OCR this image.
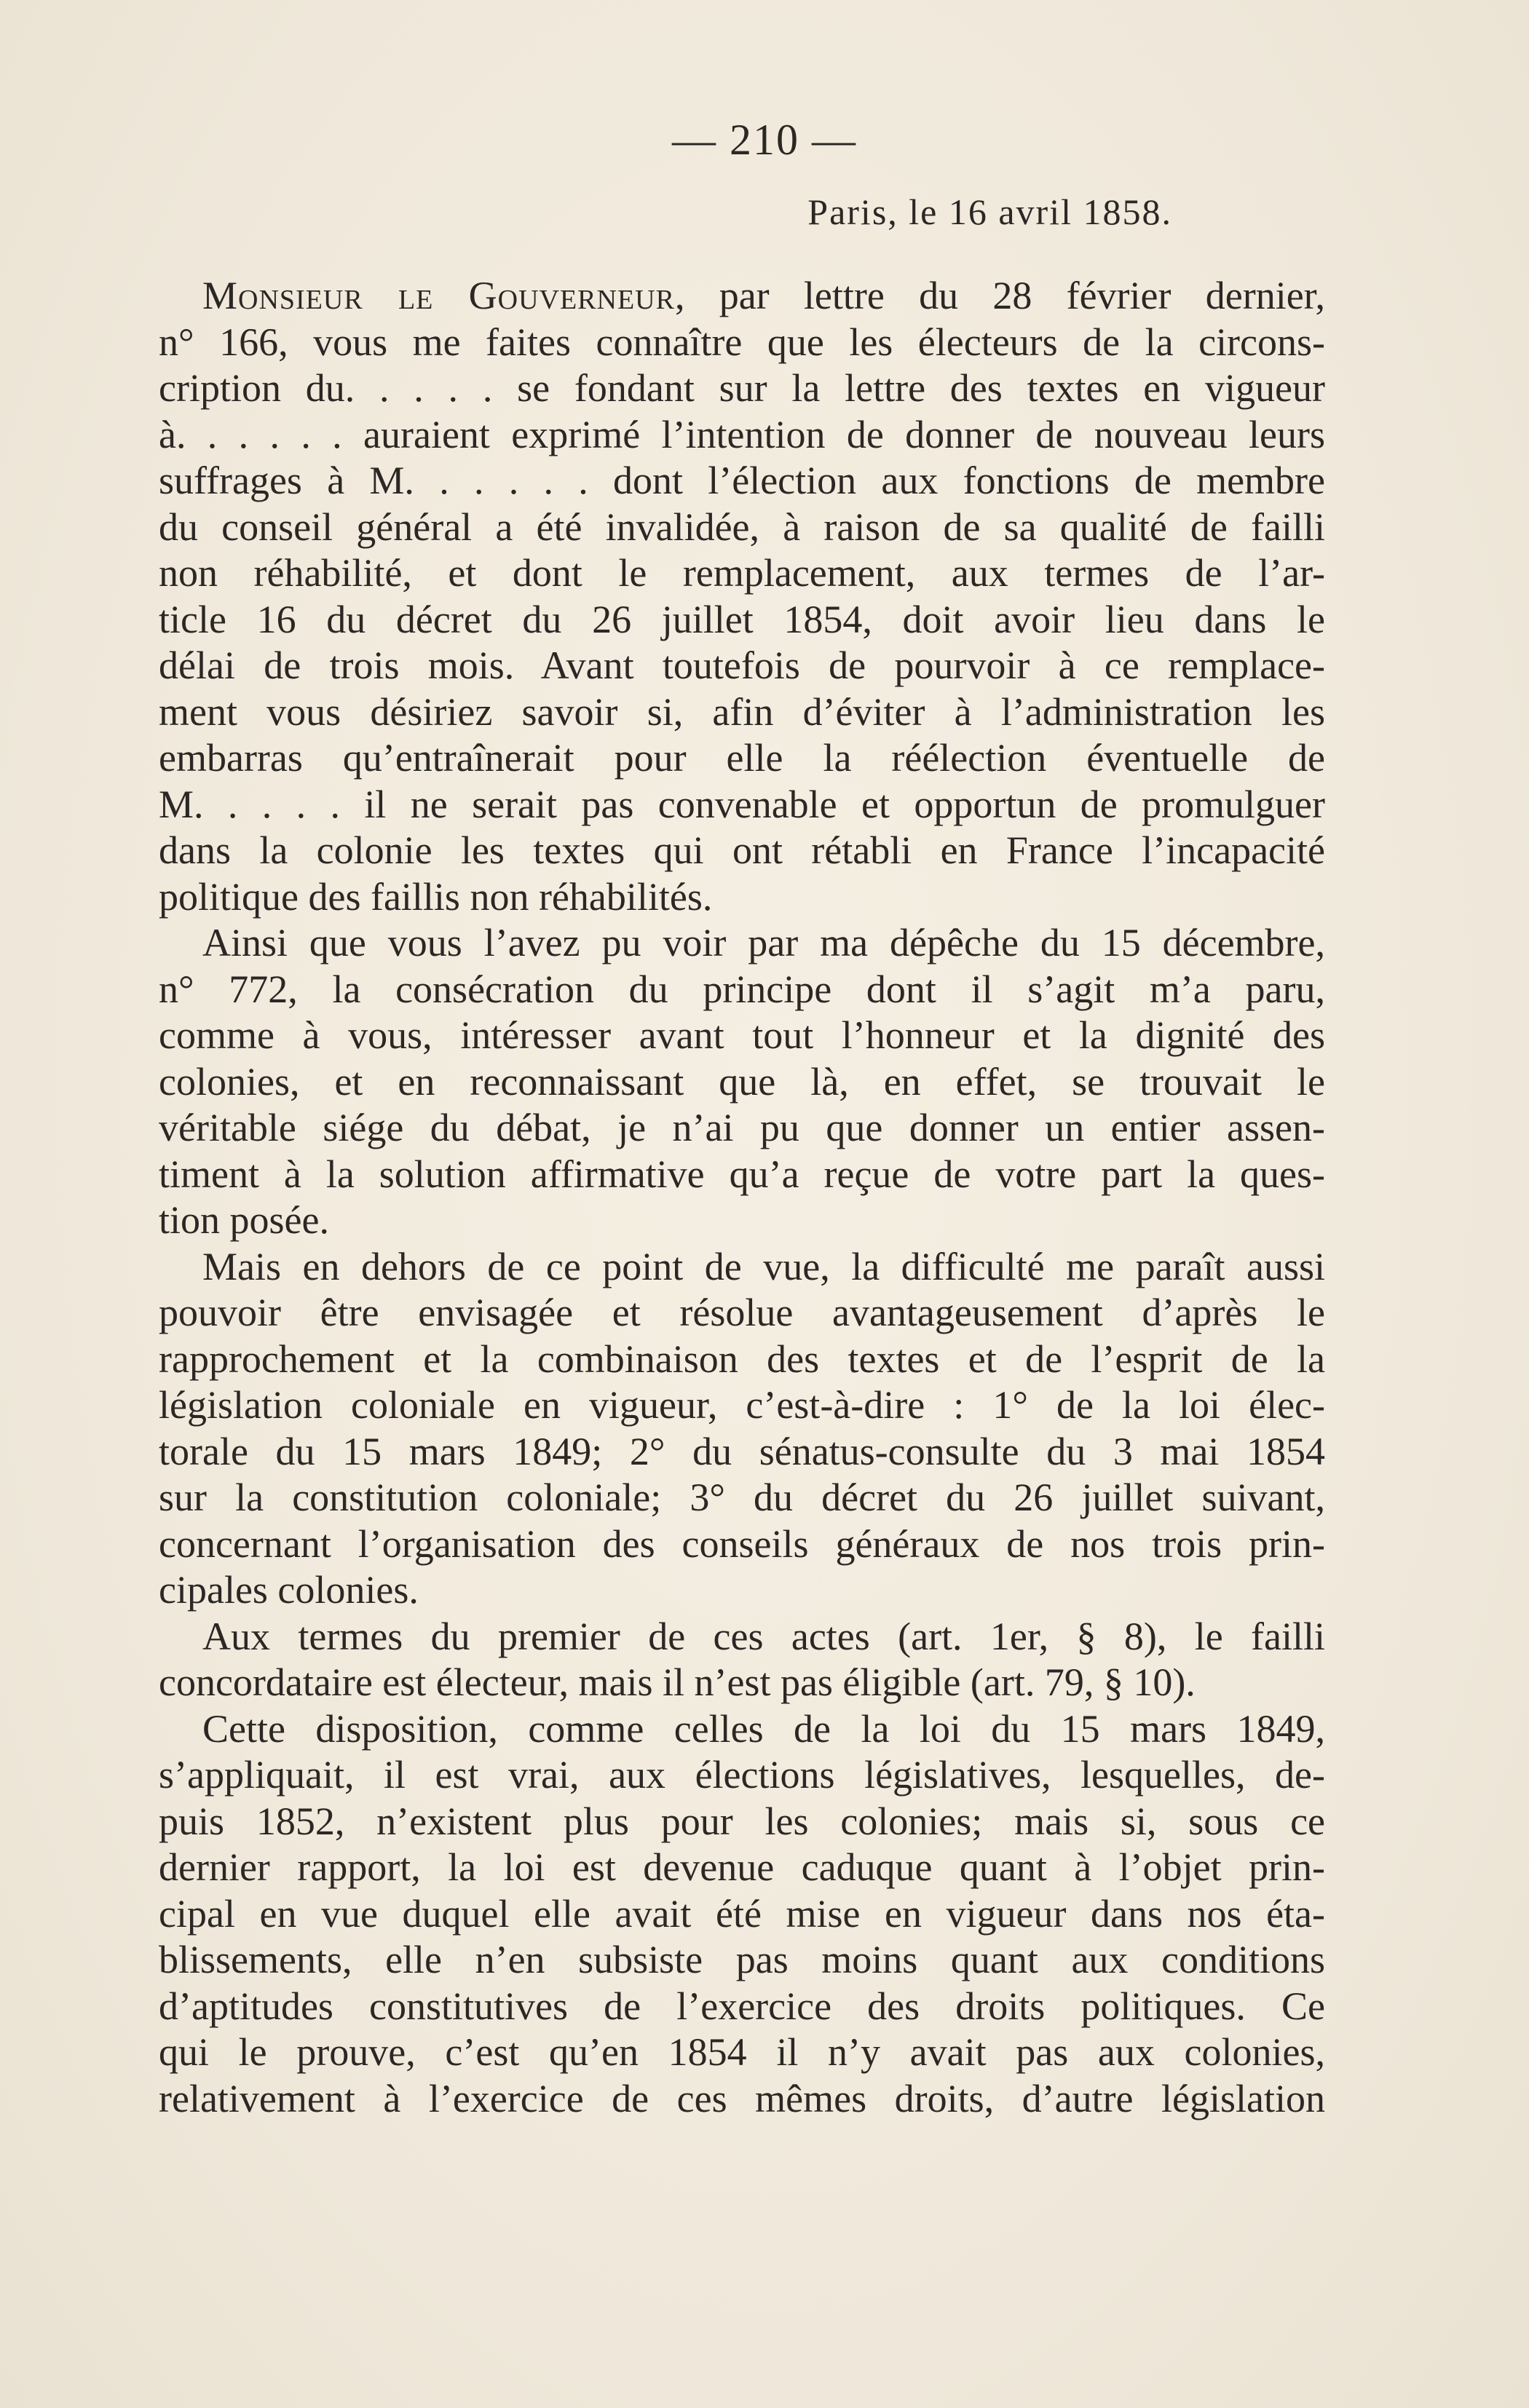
— 210 —
Paris, le 16 avril 1858.
Monsieur le Gouverneur, par lettre du 28 février dernier,
n° 166, vous me faites connaître que les électeurs de la circons-
cription du. . . . . se fondant sur la lettre des textes en vigueur
à. . . . . . auraient exprimé l’intention de donner de nouveau leurs
suffrages à M. . . . . . dont l’élection aux fonctions de membre
du conseil général a été invalidée, à raison de sa qualité de failli
non réhabilité, et dont le remplacement, aux termes de l’ar-
ticle 16 du décret du 26 juillet 1854, doit avoir lieu dans le
délai de trois mois. Avant toutefois de pourvoir à ce remplace-
ment vous désiriez savoir si, afin d’éviter à l’administration les
embarras qu’entraînerait pour elle la réélection éventuelle de
M. . . . . il ne serait pas convenable et opportun de promulguer
dans la colonie les textes qui ont rétabli en France l’incapacité
politique des faillis non réhabilités.
Ainsi que vous l’avez pu voir par ma dépêche du 15 décembre,
n° 772, la consécration du principe dont il s’agit m’a paru,
comme à vous, intéresser avant tout l’honneur et la dignité des
colonies, et en reconnaissant que là, en effet, se trouvait le
véritable siége du débat, je n’ai pu que donner un entier assen-
timent à la solution affirmative qu’a reçue de votre part la ques-
tion posée.
Mais en dehors de ce point de vue, la difficulté me paraît aussi
pouvoir être envisagée et résolue avantageusement d’après le
rapprochement et la combinaison des textes et de l’esprit de la
législation coloniale en vigueur, c’est-à-dire : 1° de la loi élec-
torale du 15 mars 1849; 2° du sénatus-consulte du 3 mai 1854
sur la constitution coloniale; 3° du décret du 26 juillet suivant,
concernant l’organisation des conseils généraux de nos trois prin-
cipales colonies.
Aux termes du premier de ces actes (art. 1er, § 8), le failli
concordataire est électeur, mais il n’est pas éligible (art. 79, § 10).
Cette disposition, comme celles de la loi du 15 mars 1849,
s’appliquait, il est vrai, aux élections législatives, lesquelles, de-
puis 1852, n’existent plus pour les colonies; mais si, sous ce
dernier rapport, la loi est devenue caduque quant à l’objet prin-
cipal en vue duquel elle avait été mise en vigueur dans nos éta-
blissements, elle n’en subsiste pas moins quant aux conditions
d’aptitudes constitutives de l’exercice des droits politiques. Ce
qui le prouve, c’est qu’en 1854 il n’y avait pas aux colonies,
relativement à l’exercice de ces mêmes droits, d’autre législation
